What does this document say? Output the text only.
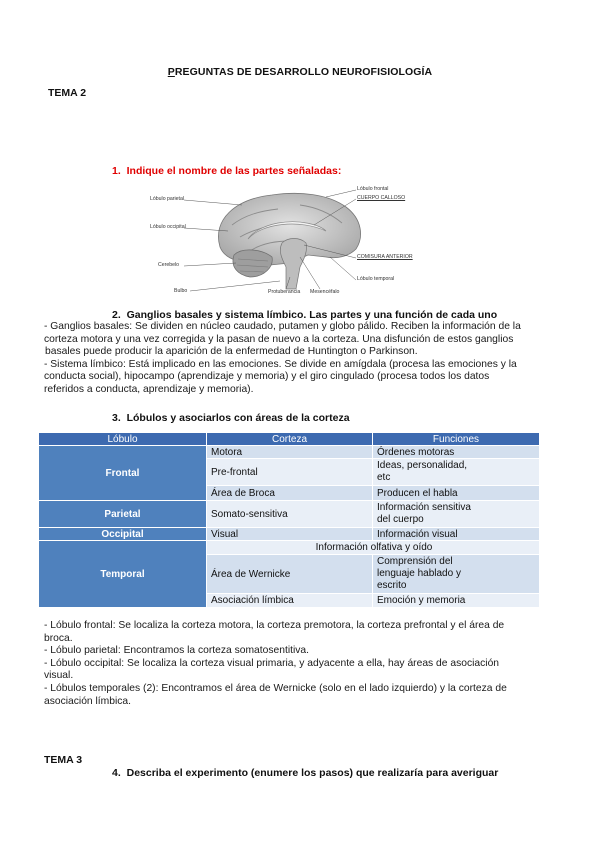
PREGUNTAS DE DESARROLLO NEUROFISIOLOGÍA
TEMA 2
1. Indique el nombre de las partes señaladas:
Lóbulo parietal
Lóbulo occipital
Cerebelo
Bulbo	Protuberancia Mesencéfalo
Lóbulo frontal
CUERPO CALLOSO
COMISURA ANTERIOR
Lóbulo temporal
2. Ganglios basales y sistema límbico. Las partes y una función de cada uno
- Ganglios basales: Se dividen en núcleo caudado, putamen y globo pálido. Reciben la información de la
corteza motora y una vez corregida y la pasan de nuevo a la corteza. Una disfunción de estos ganglios
basales puede producir la aparición de la enfermedad de Huntington o Parkinson.
- Sistema límbico: Está implicado en las emociones. Se divide en amígdala (procesa las emociones y la
conducta social), hipocampo (aprendizaje y memoria) y el giro cingulado (procesa todos los datos
referidos a conducta, aprendizaje y memoria).
3. Lóbulos y asociarlos con áreas de la corteza
Lóbulo	Corteza	Funciones
Frontal	Motora	Órdenes motoras
	Pre-frontal	Ideas, personalidad,
etc

	Área de Broca	Producen el habla
Parietal	Somato-sensitiva	Información sensitiva
del cuerpo

Occipital	Visual	Información visual
Temporal	Información olfativa y oído	
	Área de Wernicke	Comprensión del
lenguaje hablado y
escrito

	Asociación límbica	Emoción y memoria
- Lóbulo frontal: Se localiza la corteza motora, la corteza premotora, la corteza prefrontal y el área de
broca.
- Lóbulo parietal: Encontramos la corteza somatosentitiva.
- Lóbulo occipital: Se localiza la corteza visual primaria, y adyacente a ella, hay áreas de asociación
visual.
- Lóbulos temporales (2): Encontramos el área de Wernicke (solo en el lado izquierdo) y la corteza de
asociación límbica.
TEMA 3
4. Describa el experimento (enumere los pasos) que realizaría para averiguar
